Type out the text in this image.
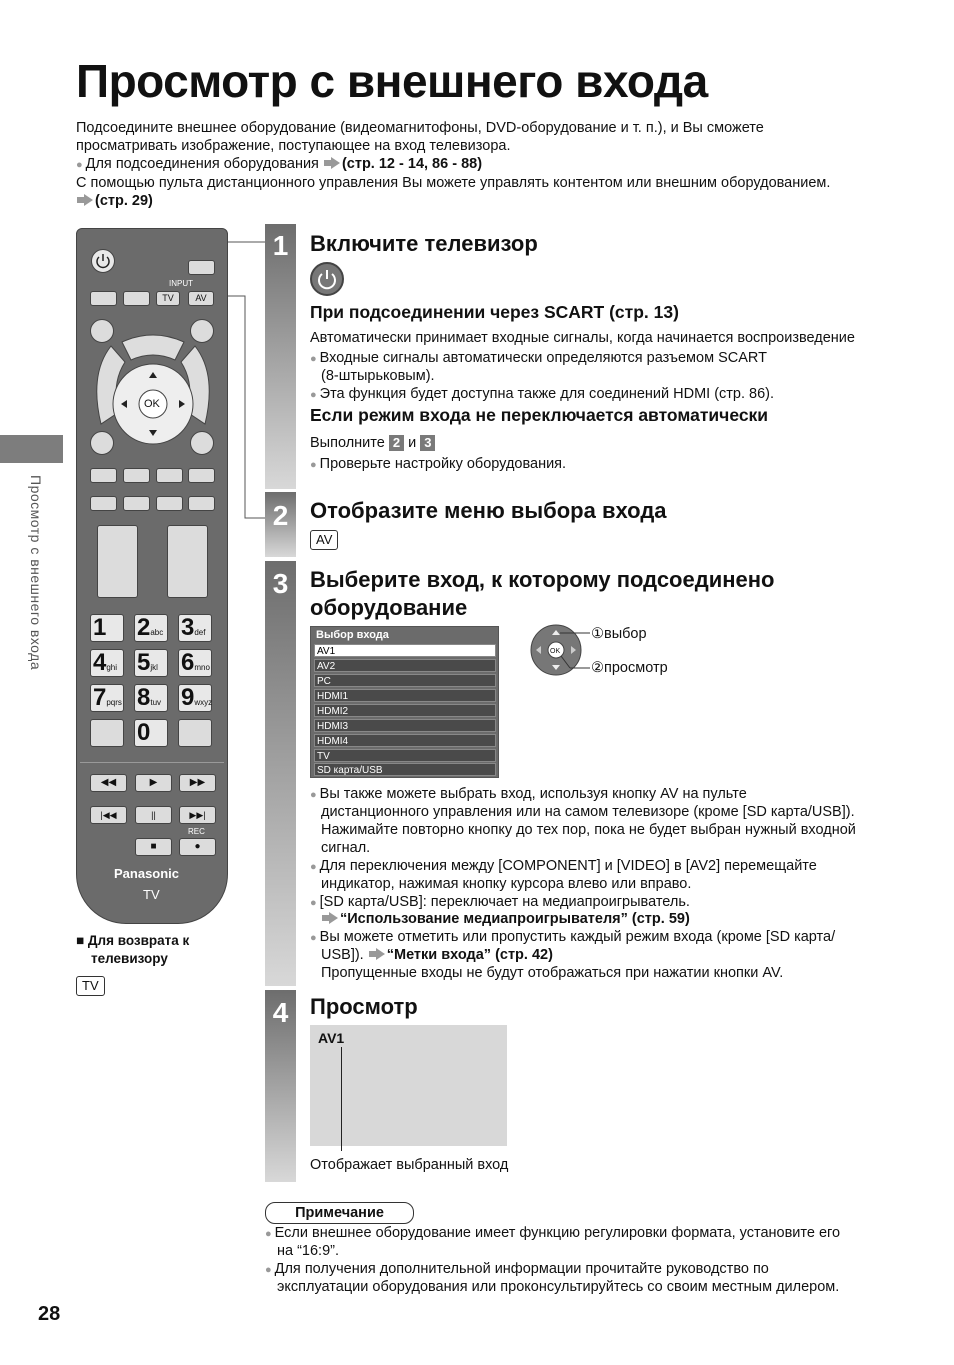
Просмотр с внешнего входа
Подсоедините внешнее оборудование (видеомагнитофоны, DVD-оборудование и т. п.), и Вы сможете
просматривать изображение, поступающее на вход телевизора.
● Для подсоединения оборудования (стр. 12 - 14, 86 - 88)
С помощью пульта дистанционного управления Вы можете управлять контентом или внешним оборудованием.
(стр. 29)
Просмотр с внешнего входа
28
INPUT
TV	AV
OK
1	2abc 3def
4ghi 5jkl 6mno
7pqrs 8tuv 9wxyz
0
◀◀	▶	▶▶
|◀◀	||	▶▶|
REC
■	●
Panasonic
TV
■ Для возврата к
телевизору
TV
1
2
3
4
Включите телевизор
При подсоединении через SCART (стр. 13)
Автоматически принимает входные сигналы, когда начинается воспроизведение
● Входные сигналы автоматически определяются разъемом SCART
(8-штырьковым).
● Эта функция будет доступна также для соединений HDMI (стр. 86).
Если режим входа не переключается автоматически
Выполните 2 и 3
● Проверьте настройку оборудования.
Отобразите меню выбора входа
AV
Выберите вход, к которому подсоединено
оборудование
Выбор входа
AV1
AV2
PC
HDMI1
HDMI2
HDMI3
HDMI4
TV
SD карта/USB
OK
①выбор
②просмотр
● Вы также можете выбрать вход, используя кнопку AV на пульте
дистанционного управления или на самом телевизоре (кроме [SD карта/USB]).
Нажимайте повторно кнопку до тех пор, пока не будет выбран нужный входной
сигнал.
● Для переключения между [COMPONENT] и [VIDEO] в [AV2] перемещайте
индикатор, нажимая кнопку курсора влево или вправо.
● [SD карта/USB]: переключает на медиапроигрыватель.
“Использование медиапроигрывателя” (стр. 59)
● Вы можете отметить или пропустить каждый режим входа (кроме [SD карта/
USB]). “Метки входа” (стр. 42)
Пропущенные входы не будут отображаться при нажатии кнопки AV.
Просмотр
AV1
Отображает выбранный вход
Примечание
● Если внешнее оборудование имеет функцию регулировки формата, установите его
на “16:9”.
● Для получения дополнительной информации прочитайте руководство по
эксплуатации оборудования или проконсультируйтесь со своим местным дилером.
